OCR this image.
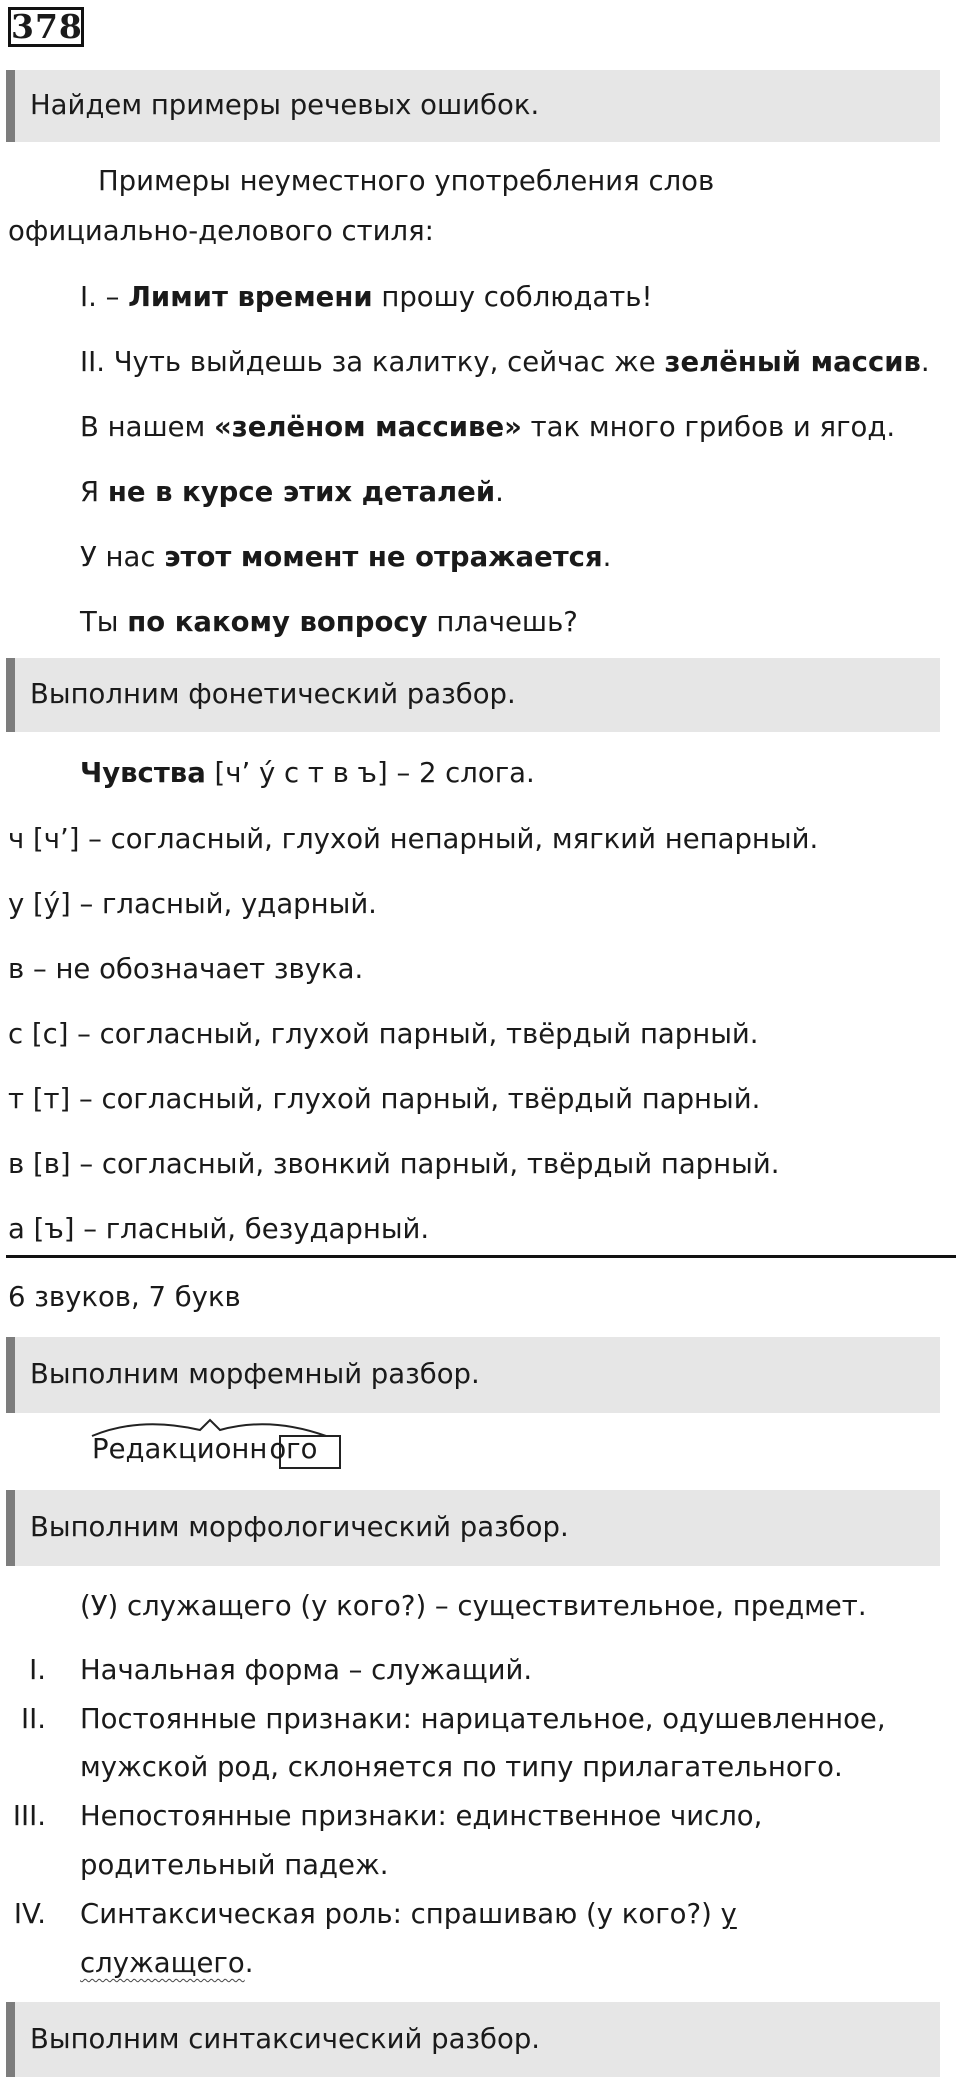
378
Найдем примеры речевых ошибок.
Примеры неуместного употребления слов
официально-делового стиля:
I. – Лимит времени прошу соблюдать!
II. Чуть выйдешь за калитку, сейчас же зелёный массив.
В нашем «зелёном массиве» так много грибов и ягод.
Я не в курсе этих деталей.
У нас этот момент не отражается.
Ты по какому вопросу плачешь?
Выполним фонетический разбор.
Чувства [ч’ у́ с т в ъ] – 2 слога.
ч [ч’] – согласный, глухой непарный, мягкий непарный.
у [у́] – гласный, ударный.
в – не обозначает звука.
с [с] – согласный, глухой парный, твёрдый парный.
т [т] – согласный, глухой парный, твёрдый парный.
в [в] – согласный, звонкий парный, твёрдый парный.
а [ъ] – гласный, безударный.
6 звуков, 7 букв
Выполним морфемный разбор.
Редакционного
Выполним морфологический разбор.
(У) служащего (у кого?) – существительное, предмет.
I. Начальная форма – служащий.
II. Постоянные признаки: нарицательное, одушевленное,
мужской род, склоняется по типу прилагательного.
III. Непостоянные признаки: единственное число,
родительный падеж.
IV. Синтаксическая роль: спрашиваю (у кого?) у
служащего.
Выполним синтаксический разбор.
